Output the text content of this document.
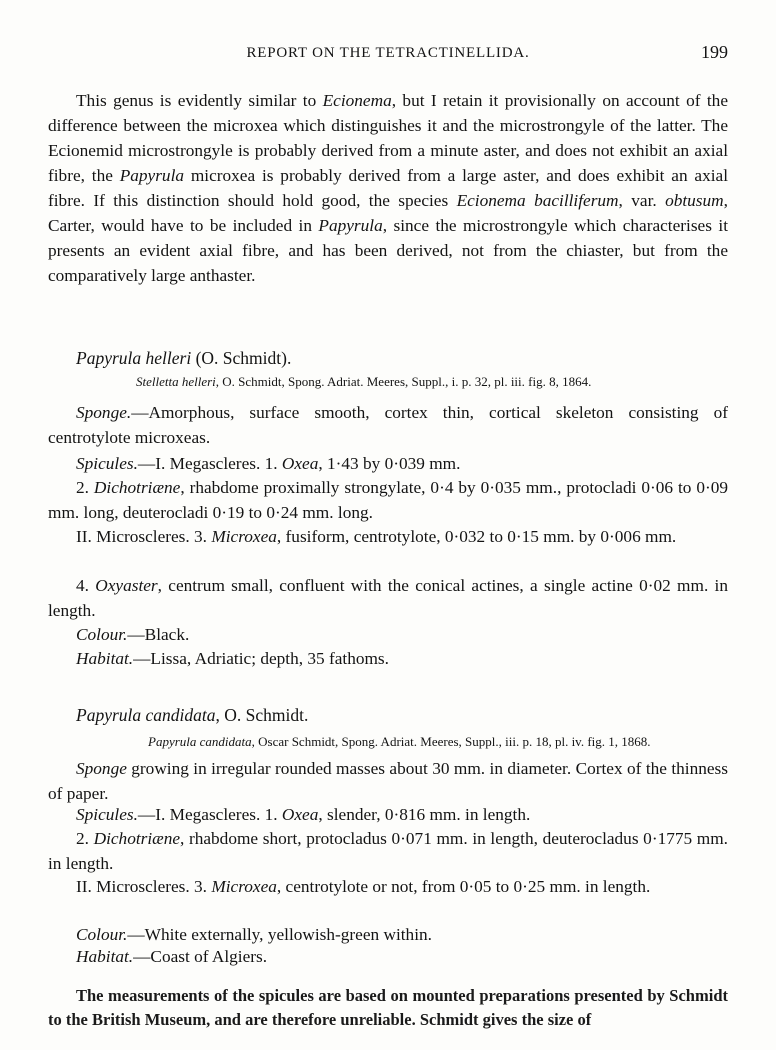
REPORT ON THE TETRACTINELLIDA.	199
This genus is evidently similar to Ecionema, but I retain it provisionally on account of the difference between the microxea which distinguishes it and the microstrongyle of the latter. The Ecionemid microstrongyle is probably derived from a minute aster, and does not exhibit an axial fibre, the Papyrula microxea is probably derived from a large aster, and does exhibit an axial fibre. If this distinction should hold good, the species Ecionema bacilliferum, var. obtusum, Carter, would have to be included in Papyrula, since the microstrongyle which characterises it presents an evident axial fibre, and has been derived, not from the chiaster, but from the comparatively large anthaster.
Papyrula helleri (O. Schmidt).
Stelletta helleri, O. Schmidt, Spong. Adriat. Meeres, Suppl., i. p. 32, pl. iii. fig. 8, 1864.
Sponge.—Amorphous, surface smooth, cortex thin, cortical skeleton consisting of centrotylote microxeas.
Spicules.—I. Megascleres. 1. Oxea, 1·43 by 0·039 mm.
2. Dichotriæne, rhabdome proximally strongylate, 0·4 by 0·035 mm., protocladi 0·06 to 0·09 mm. long, deuterocladi 0·19 to 0·24 mm. long.
II. Microscleres. 3. Microxea, fusiform, centrotylote, 0·032 to 0·15 mm. by 0·006 mm.
4. Oxyaster, centrum small, confluent with the conical actines, a single actine 0·02 mm. in length.
Colour.—Black.
Habitat.—Lissa, Adriatic; depth, 35 fathoms.
Papyrula candidata, O. Schmidt.
Papyrula candidata, Oscar Schmidt, Spong. Adriat. Meeres, Suppl., iii. p. 18, pl. iv. fig. 1, 1868.
Sponge growing in irregular rounded masses about 30 mm. in diameter. Cortex of the thinness of paper.
Spicules.—I. Megascleres. 1. Oxea, slender, 0·816 mm. in length.
2. Dichotriæne, rhabdome short, protocladus 0·071 mm. in length, deuterocladus 0·1775 mm. in length.
II. Microscleres. 3. Microxea, centrotylote or not, from 0·05 to 0·25 mm. in length.
Colour.—White externally, yellowish-green within.
Habitat.—Coast of Algiers.
The measurements of the spicules are based on mounted preparations presented by Schmidt to the British Museum, and are therefore unreliable. Schmidt gives the size of
